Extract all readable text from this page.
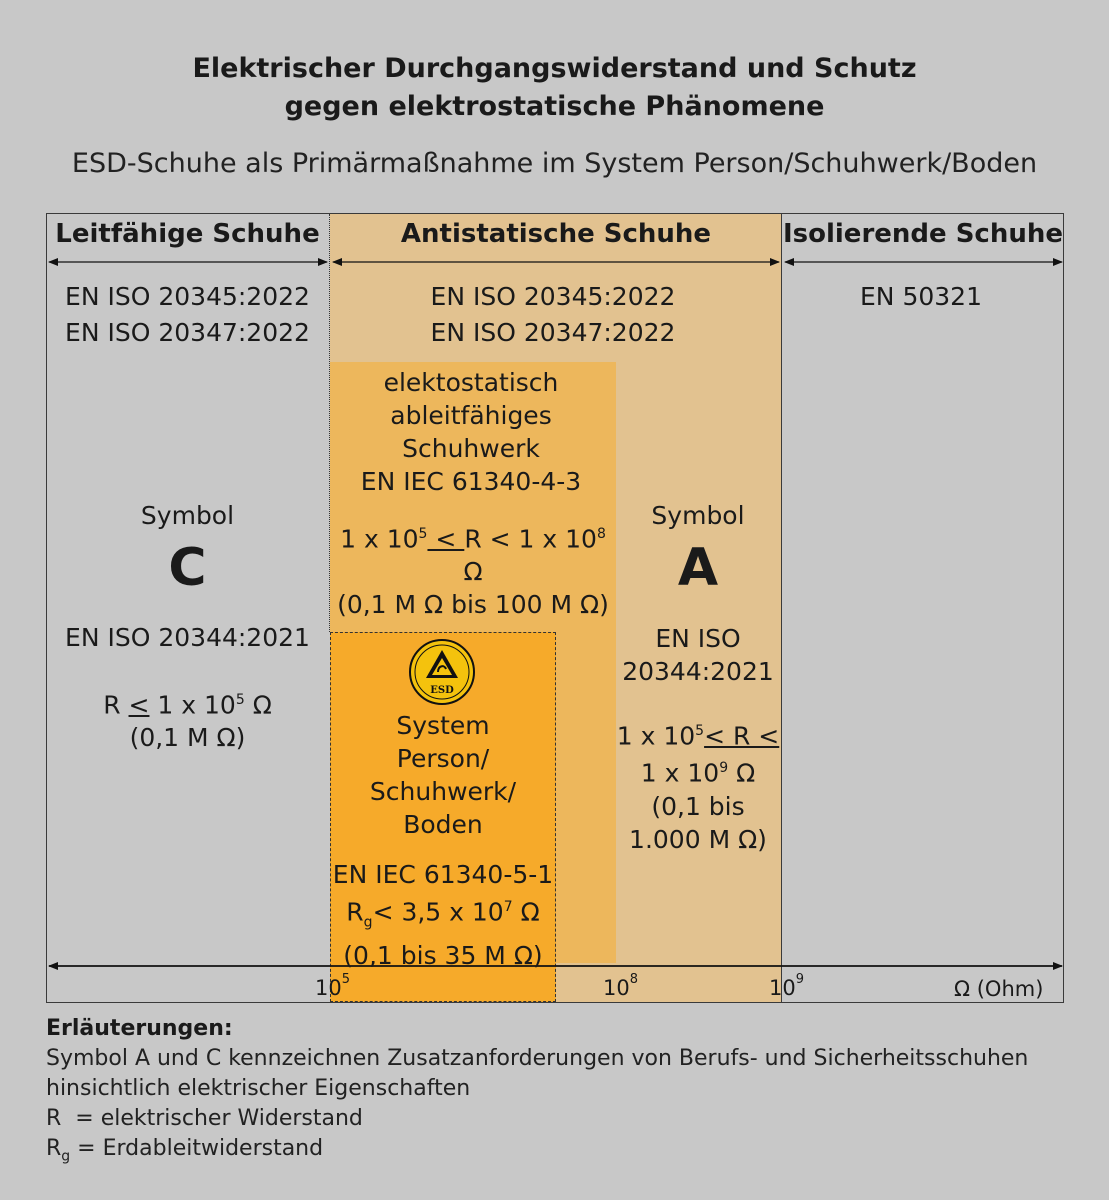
Elektrischer Durchgangswiderstand und Schutz
gegen elektrostatische Phänomene
ESD-Schuhe als Primärmaßnahme im System Person/Schuhwerk/Boden
Leitfähige Schuhe	Antistatische Schuhe	Isolierende Schuhe
EN ISO 20345:2022
EN ISO 20347:2022
Symbol
C
EN ISO 20344:2021
R < 1 x $10^5$ Ω
(0,1 M Ω)
EN ISO 20345:2022
EN ISO 20347:2022
elektostatisch
ableitfähiges
Schuhwerk
EN IEC 61340-4-3
1 x $10^5 < R < 1$ x $10^8$ Ω
(0,1 M Ω bis 100 M Ω)
ESD
System
Person/
Schuhwerk/
Boden
EN IEC 61340-5-1
$R_g< 3,5$ x $10^7$ Ω
(0,1 bis 35 M Ω)
Symbol
A
EN ISO
20344:2021
1 x $10^5< R$ <
1 x $10^9$ Ω
(0,1 bis
1.000 M Ω)
EN 50321
$10^5$	$10^8$	$10^9$	Ω (Ohm)
Erläuterungen:
Symbol A und C kennzeichnen Zusatzanforderungen von Berufs- und Sicherheitsschuhen
hinsichtlich elektrischer Eigenschaften
R  = elektrischer Widerstand
$R_g$ = Erdableitwiderstand
